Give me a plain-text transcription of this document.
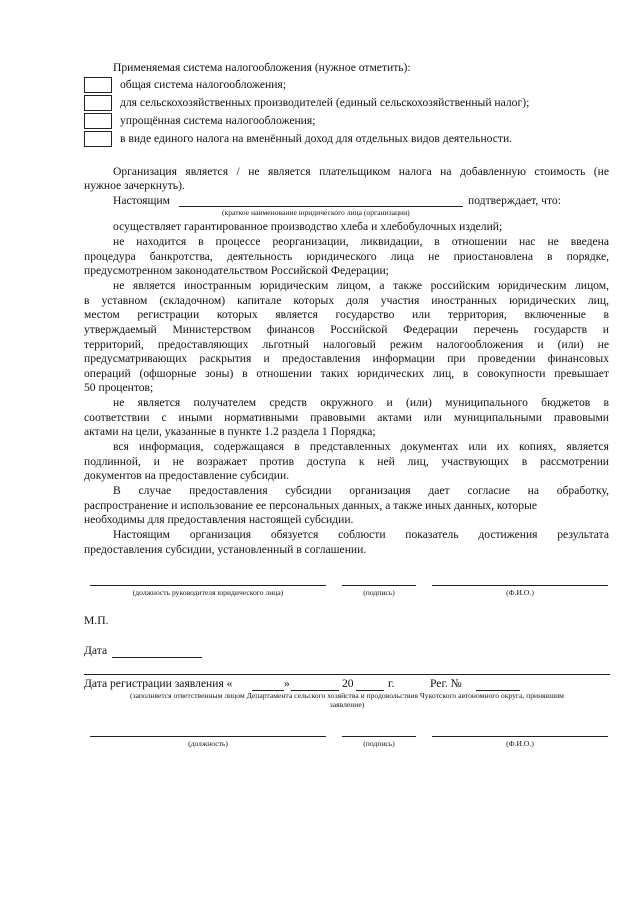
Применяемая система налогообложения (нужное отметить):
общая система налогообложения;
для сельскохозяйственных производителей (единый сельскохозяйственный налог);
упрощённая система налогообложения;
в виде единого налога на вменённый доход для отдельных видов деятельности.
Организация является / не является плательщиком налога на добавленную стоимость (не
нужное зачеркнуть).
Настоящим	подтверждает, что:
(краткое наименование юридического лица (организации)
осуществляет гарантированное производство хлеба и хлебобулочных изделий;
не находится в процессе реорганизации, ликвидации, в отношении нас не введена
процедура банкротства, деятельность юридического лица не приостановлена в порядке,
предусмотренном законодательством Российской Федерации;
не является иностранным юридическим лицом, а также российским юридическим лицом,
в уставном (складочном) капитале которых доля участия иностранных юридических лиц,
местом регистрации которых является государство или территория, включенные в
утверждаемый Министерством финансов Российской Федерации перечень государств и
территорий, предоставляющих льготный налоговый режим налогообложения и (или) не
предусматривающих раскрытия и предоставления информации при проведении финансовых
операций (офшорные зоны) в отношении таких юридических лиц, в совокупности превышает
50 процентов;
не является получателем средств окружного и (или) муниципального бюджетов в
соответствии с иными нормативными правовыми актами или муниципальными правовыми
актами на цели, указанные в пункте 1.2 раздела 1 Порядка;
вся информация, содержащаяся в представленных документах или их копиях, является
подлинной, и не возражает против доступа к ней лиц, участвующих в рассмотрении
документов на предоставление субсидии.
В случае предоставления субсидии организация дает согласие на обработку,
распространение и использование ее персональных данных, а также иных данных, которые
необходимы для предоставления настоящей субсидии.
Настоящим организация обязуется соблюсти показатель достижения результата
предоставления субсидии, установленный в соглашении.
(должность руководителя юридического лица)	(подпись)	(Ф.И.О.)
М.П.
Дата
Дата регистрации заявления «	»	20	г.	Рег. №
(заполняется ответственным лицом Департамента сельского хозяйства и продовольствия Чукотского автономного округа, принявшим
заявление)
(должность)	(подпись)	(Ф.И.О.)
